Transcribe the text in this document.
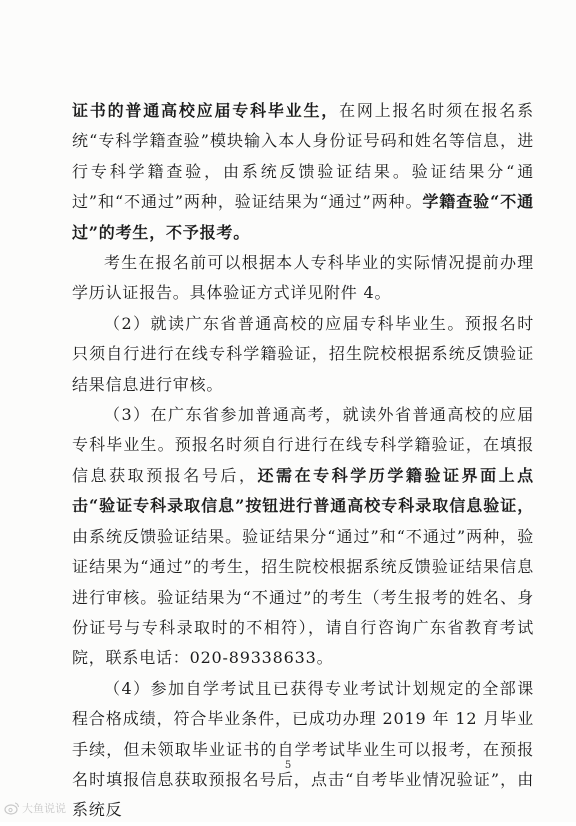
证书的普通高校应届专科毕业生，在网上报名时须在报名系统“专科学籍查验”模块输入本人身份证号码和姓名等信息，进行专科学籍查验，由系统反馈验证结果。验证结果分“通过”和“不通过”两种，验证结果为“通过”两种。学籍查验“不通过”的考生，不予报考。

考生在报名前可以根据本人专科毕业的实际情况提前办理学历认证报告。具体验证方式详见附件 4。

（2）就读广东省普通高校的应届专科毕业生。预报名时只须自行进行在线专科学籍验证，招生院校根据系统反馈验证结果信息进行审核。

（3）在广东省参加普通高考，就读外省普通高校的应届专科毕业生。预报名时须自行进行在线专科学籍验证，在填报信息获取预报名号后，还需在专科学历学籍验证界面上点击“验证专科录取信息”按钮进行普通高校专科录取信息验证，由系统反馈验证结果。验证结果分“通过”和“不通过”两种，验证结果为“通过”的考生，招生院校根据系统反馈验证结果信息进行审核。验证结果为“不通过”的考生（考生报考的姓名、身份证号与专科录取时的不相符），请自行咨询广东省教育考试院，联系电话：020-89338633。

（4）参加自学考试且已获得专业考试计划规定的全部课程合格成绩，符合毕业条件，已成功办理 2019 年 12 月毕业手续，但未领取毕业证书的自学考试毕业生可以报考，在预报名时填报信息获取预报名号后，点击“自考毕业情况验证”，由系统反

5
大鱼说说
